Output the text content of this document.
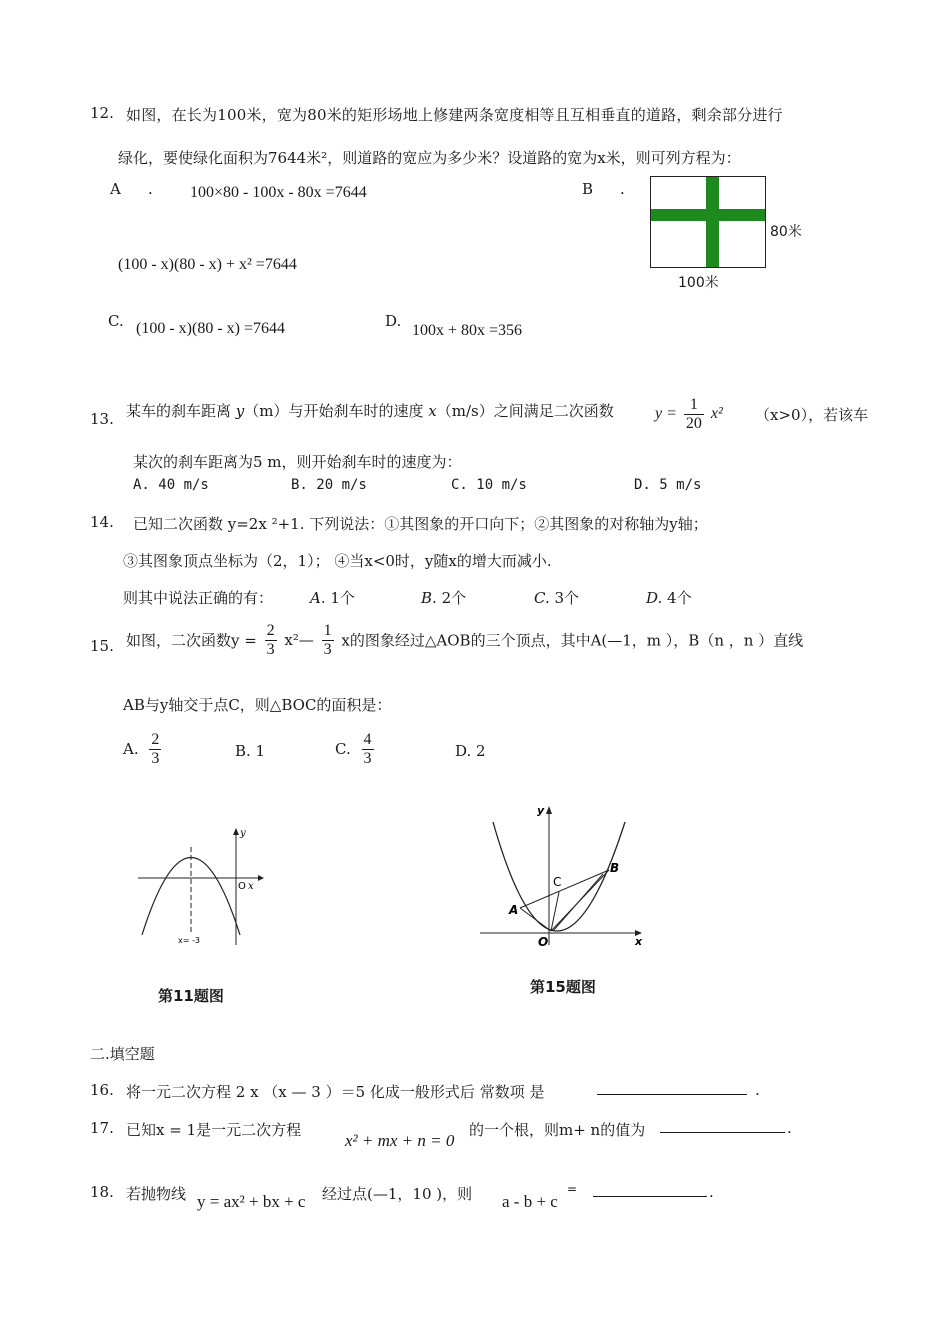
12. 如图，在长为100米，宽为80米的矩形场地上修建两条宽度相等且互相垂直的道路，剩余部分进行
绿化，要使绿化面积为7644米²，则道路的宽应为多少米？设道路的宽为x米，则可列方程为：
A . 100×80 - 100x - 80x =7644	B .
(100 - x)(80 - x) + x² =7644
C. (100 - x)(80 - x) =7644	D.
100x + 80x =356
80米
100米
13. 某车的刹车距离 y（m）与开始刹车时的速度 x（m/s）之间满足二次函数	$y = \frac{1}{20} x^2$ （x>0），若该车
某次的刹车距离为5 m，则开始刹车时的速度为：
A. 40 m/s	B. 20 m/s	C. 10 m/s	D. 5 m/s
14. 已知二次函数 y=2x ²+1. 下列说法：①其图象的开口向下；②其图象的对称轴为y轴；
③其图象顶点坐标为（2，1）； ④当x<0时，y随x的增大而减小.
则其中说法正确的有： A. 1个	B. 2个	C. 3个	D. 4个
15. 如图，二次函数$y = \frac{2}{3}$ x²— $\frac{1}{3}$ x的图象经过△AOB的三个顶点，其中A(—1，m ），B（n ，n ）直线
AB与y轴交于点C，则△BOC的面积是：
A. $\frac{2}{3}$	B. 1	C. $\frac{4}{3}$	D. 2
y
O x
x= -3
第11题图
y
x
O
A
B
C
第15题图
二.填空题
16. 将一元二次方程 2 x （x — 3 ）＝5 化成一般形式后 常数项 是	.
17. 已知x = 1是一元二次方程
x² + mx + n = 0
的一个根，则m+ n的值为	.
18. 若抛物线 y = ax² + bx + c 经过点(—1，10 )，则 a - b + c
=	.
